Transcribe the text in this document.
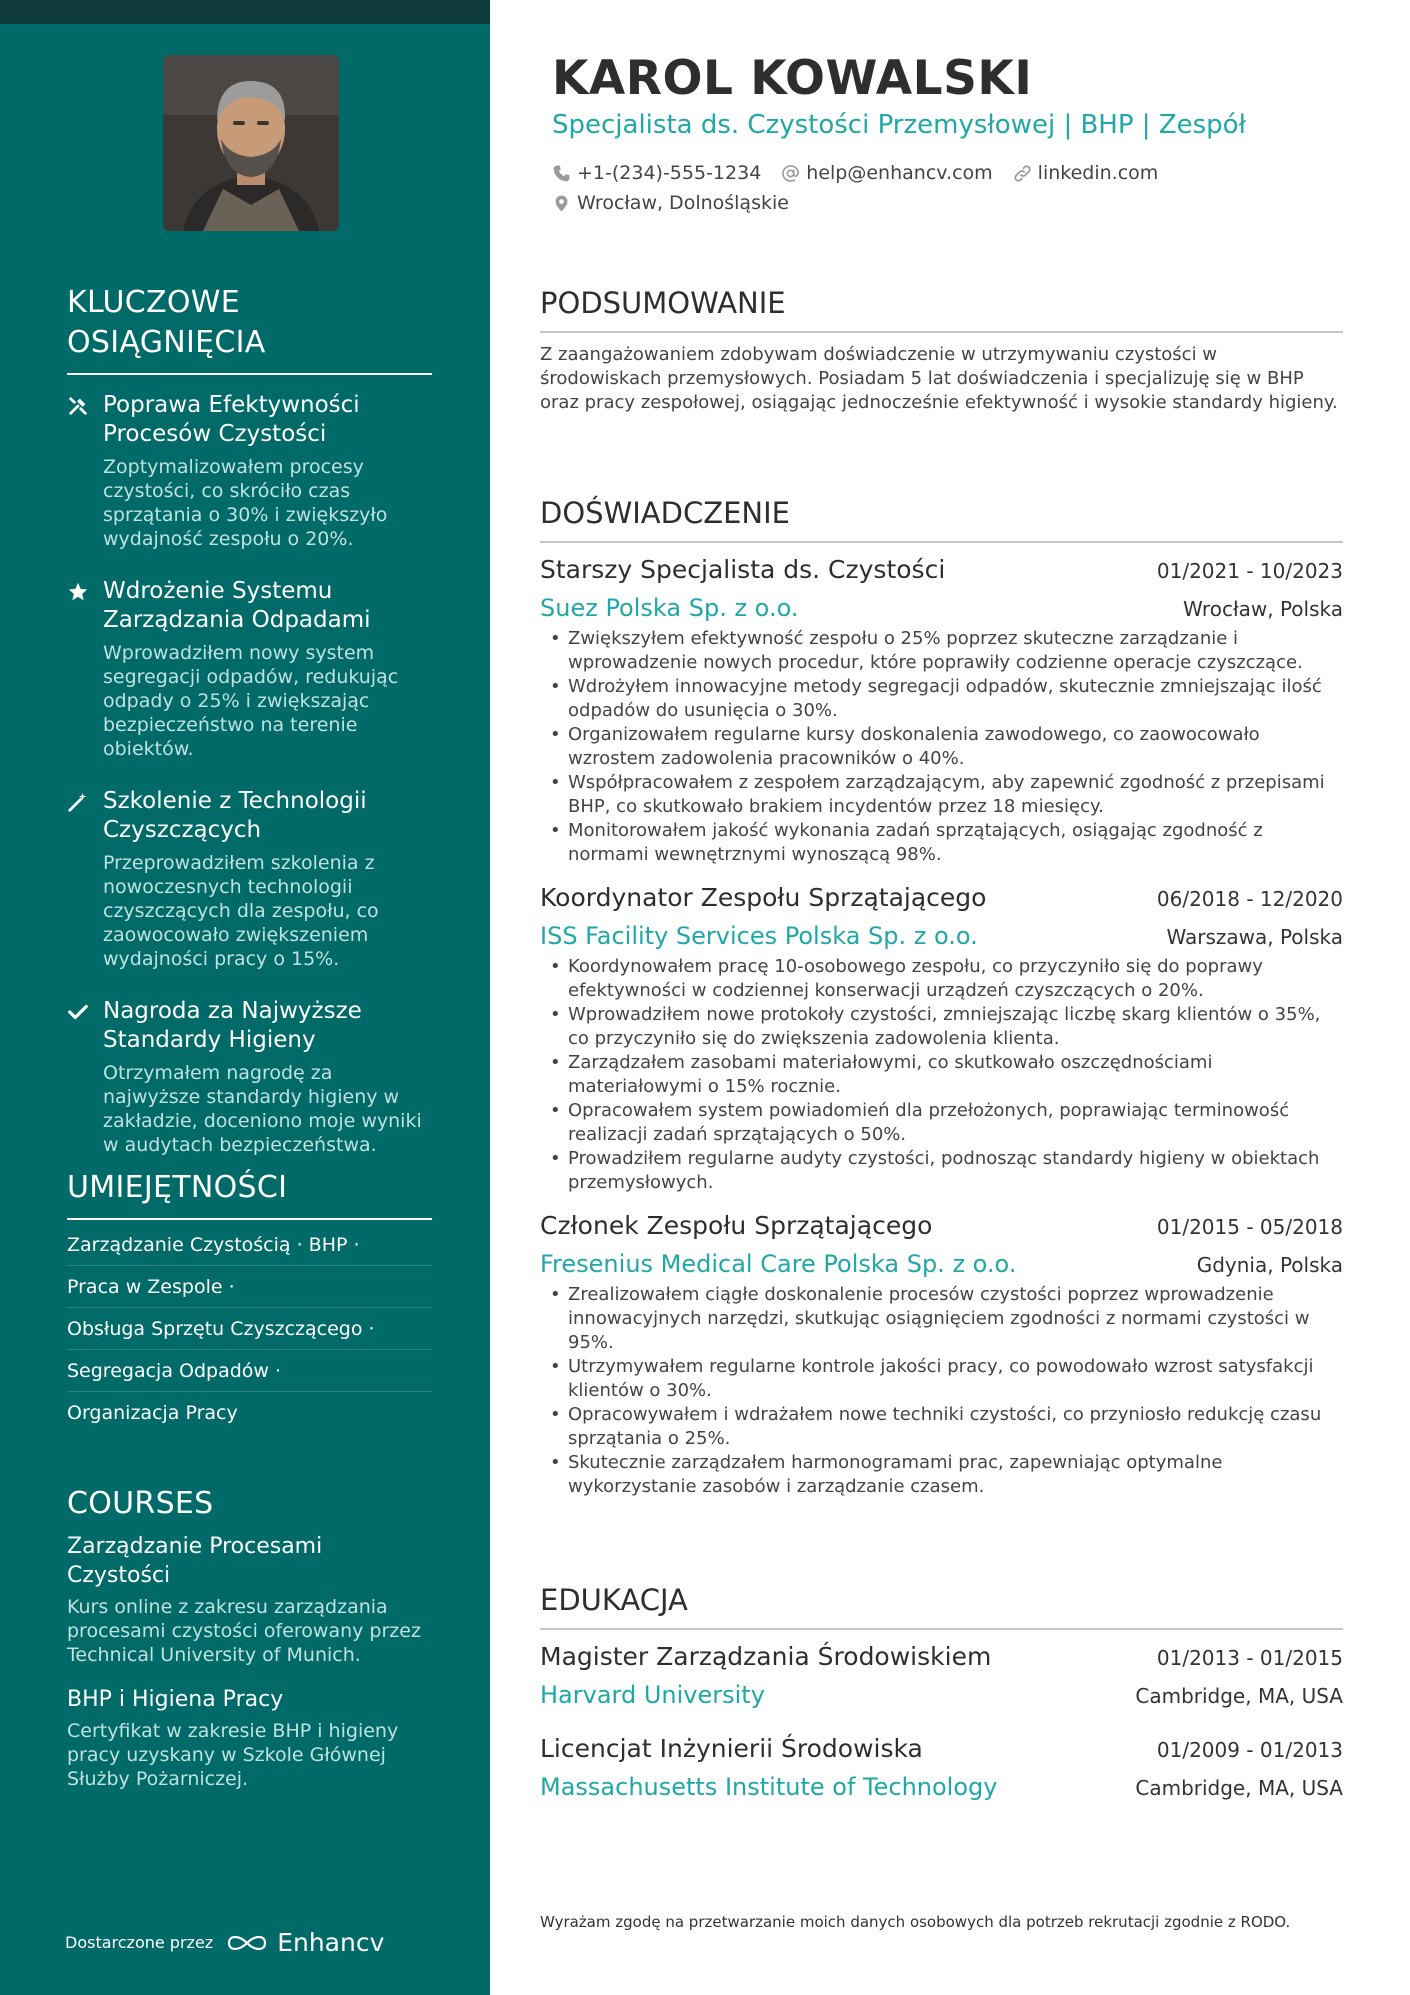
KLUCZOWE OSIĄGNIĘCIA
Poprawa Efektywności Procesów Czystości
Zoptymalizowałem procesy czystości, co skróciło czas sprzątania o 30% i zwiększyło wydajność zespołu o 20%.
Wdrożenie Systemu Zarządzania Odpadami
Wprowadziłem nowy system segregacji odpadów, redukując odpady o 25% i zwiększając bezpieczeństwo na terenie obiektów.
Szkolenie z Technologii Czyszczących
Przeprowadziłem szkolenia z nowoczesnych technologii czyszczących dla zespołu, co zaowocowało zwiększeniem wydajności pracy o 15%.
Nagroda za Najwyższe Standardy Higieny
Otrzymałem nagrodę za najwyższe standardy higieny w zakładzie, doceniono moje wyniki w audytach bezpieczeństwa.
UMIEJĘTNOŚCI
Zarządzanie Czystością · BHP ·
Praca w Zespole ·
Obsługa Sprzętu Czyszczącego ·
Segregacja Odpadów ·
Organizacja Pracy
COURSES
Zarządzanie Procesami Czystości
Kurs online z zakresu zarządzania procesami czystości oferowany przez Technical University of Munich.
BHP i Higiena Pracy
Certyfikat w zakresie BHP i higieny pracy uzyskany w Szkole Głównej Służby Pożarniczej.
Dostarczone przez	Enhancv
KAROL KOWALSKI
Specjalista ds. Czystości Przemysłowej | BHP | Zespół
+1-(234)-555-1234 help@enhancv.com linkedin.com
Wrocław, Dolnośląskie
PODSUMOWANIE
Z zaangażowaniem zdobywam doświadczenie w utrzymywaniu czystości w środowiskach przemysłowych. Posiadam 5 lat doświadczenia i specjalizuję się w BHP oraz pracy zespołowej, osiągając jednocześnie efektywność i wysokie standardy higieny.
DOŚWIADCZENIE
Starszy Specjalista ds. Czystości	01/2021 - 10/2023
Suez Polska Sp. z o.o.	Wrocław, Polska
• Zwiększyłem efektywność zespołu o 25% poprzez skuteczne zarządzanie i wprowadzenie nowych procedur, które poprawiły codzienne operacje czyszczące.
• Wdrożyłem innowacyjne metody segregacji odpadów, skutecznie zmniejszając ilość odpadów do usunięcia o 30%.
• Organizowałem regularne kursy doskonalenia zawodowego, co zaowocowało wzrostem zadowolenia pracowników o 40%.
• Współpracowałem z zespołem zarządzającym, aby zapewnić zgodność z przepisami BHP, co skutkowało brakiem incydentów przez 18 miesięcy.
• Monitorowałem jakość wykonania zadań sprzątających, osiągając zgodność z normami wewnętrznymi wynoszącą 98%.
Koordynator Zespołu Sprzątającego	06/2018 - 12/2020
ISS Facility Services Polska Sp. z o.o.	Warszawa, Polska
• Koordynowałem pracę 10-osobowego zespołu, co przyczyniło się do poprawy efektywności w codziennej konserwacji urządzeń czyszczących o 20%.
• Wprowadziłem nowe protokoły czystości, zmniejszając liczbę skarg klientów o 35%, co przyczyniło się do zwiększenia zadowolenia klienta.
• Zarządzałem zasobami materiałowymi, co skutkowało oszczędnościami materiałowymi o 15% rocznie.
• Opracowałem system powiadomień dla przełożonych, poprawiając terminowość realizacji zadań sprzątających o 50%.
• Prowadziłem regularne audyty czystości, podnosząc standardy higieny w obiektach przemysłowych.
Członek Zespołu Sprzątającego	01/2015 - 05/2018
Fresenius Medical Care Polska Sp. z o.o.	Gdynia, Polska
• Zrealizowałem ciągłe doskonalenie procesów czystości poprzez wprowadzenie innowacyjnych narzędzi, skutkując osiągnięciem zgodności z normami czystości w 95%.
• Utrzymywałem regularne kontrole jakości pracy, co powodowało wzrost satysfakcji klientów o 30%.
• Opracowywałem i wdrażałem nowe techniki czystości, co przyniosło redukcję czasu sprzątania o 25%.
• Skutecznie zarządzałem harmonogramami prac, zapewniając optymalne wykorzystanie zasobów i zarządzanie czasem.
EDUKACJA
Magister Zarządzania Środowiskiem	01/2013 - 01/2015
Harvard University	Cambridge, MA, USA
Licencjat Inżynierii Środowiska	01/2009 - 01/2013
Massachusetts Institute of Technology	Cambridge, MA, USA
Wyrażam zgodę na przetwarzanie moich danych osobowych dla potrzeb rekrutacji zgodnie z RODO.
